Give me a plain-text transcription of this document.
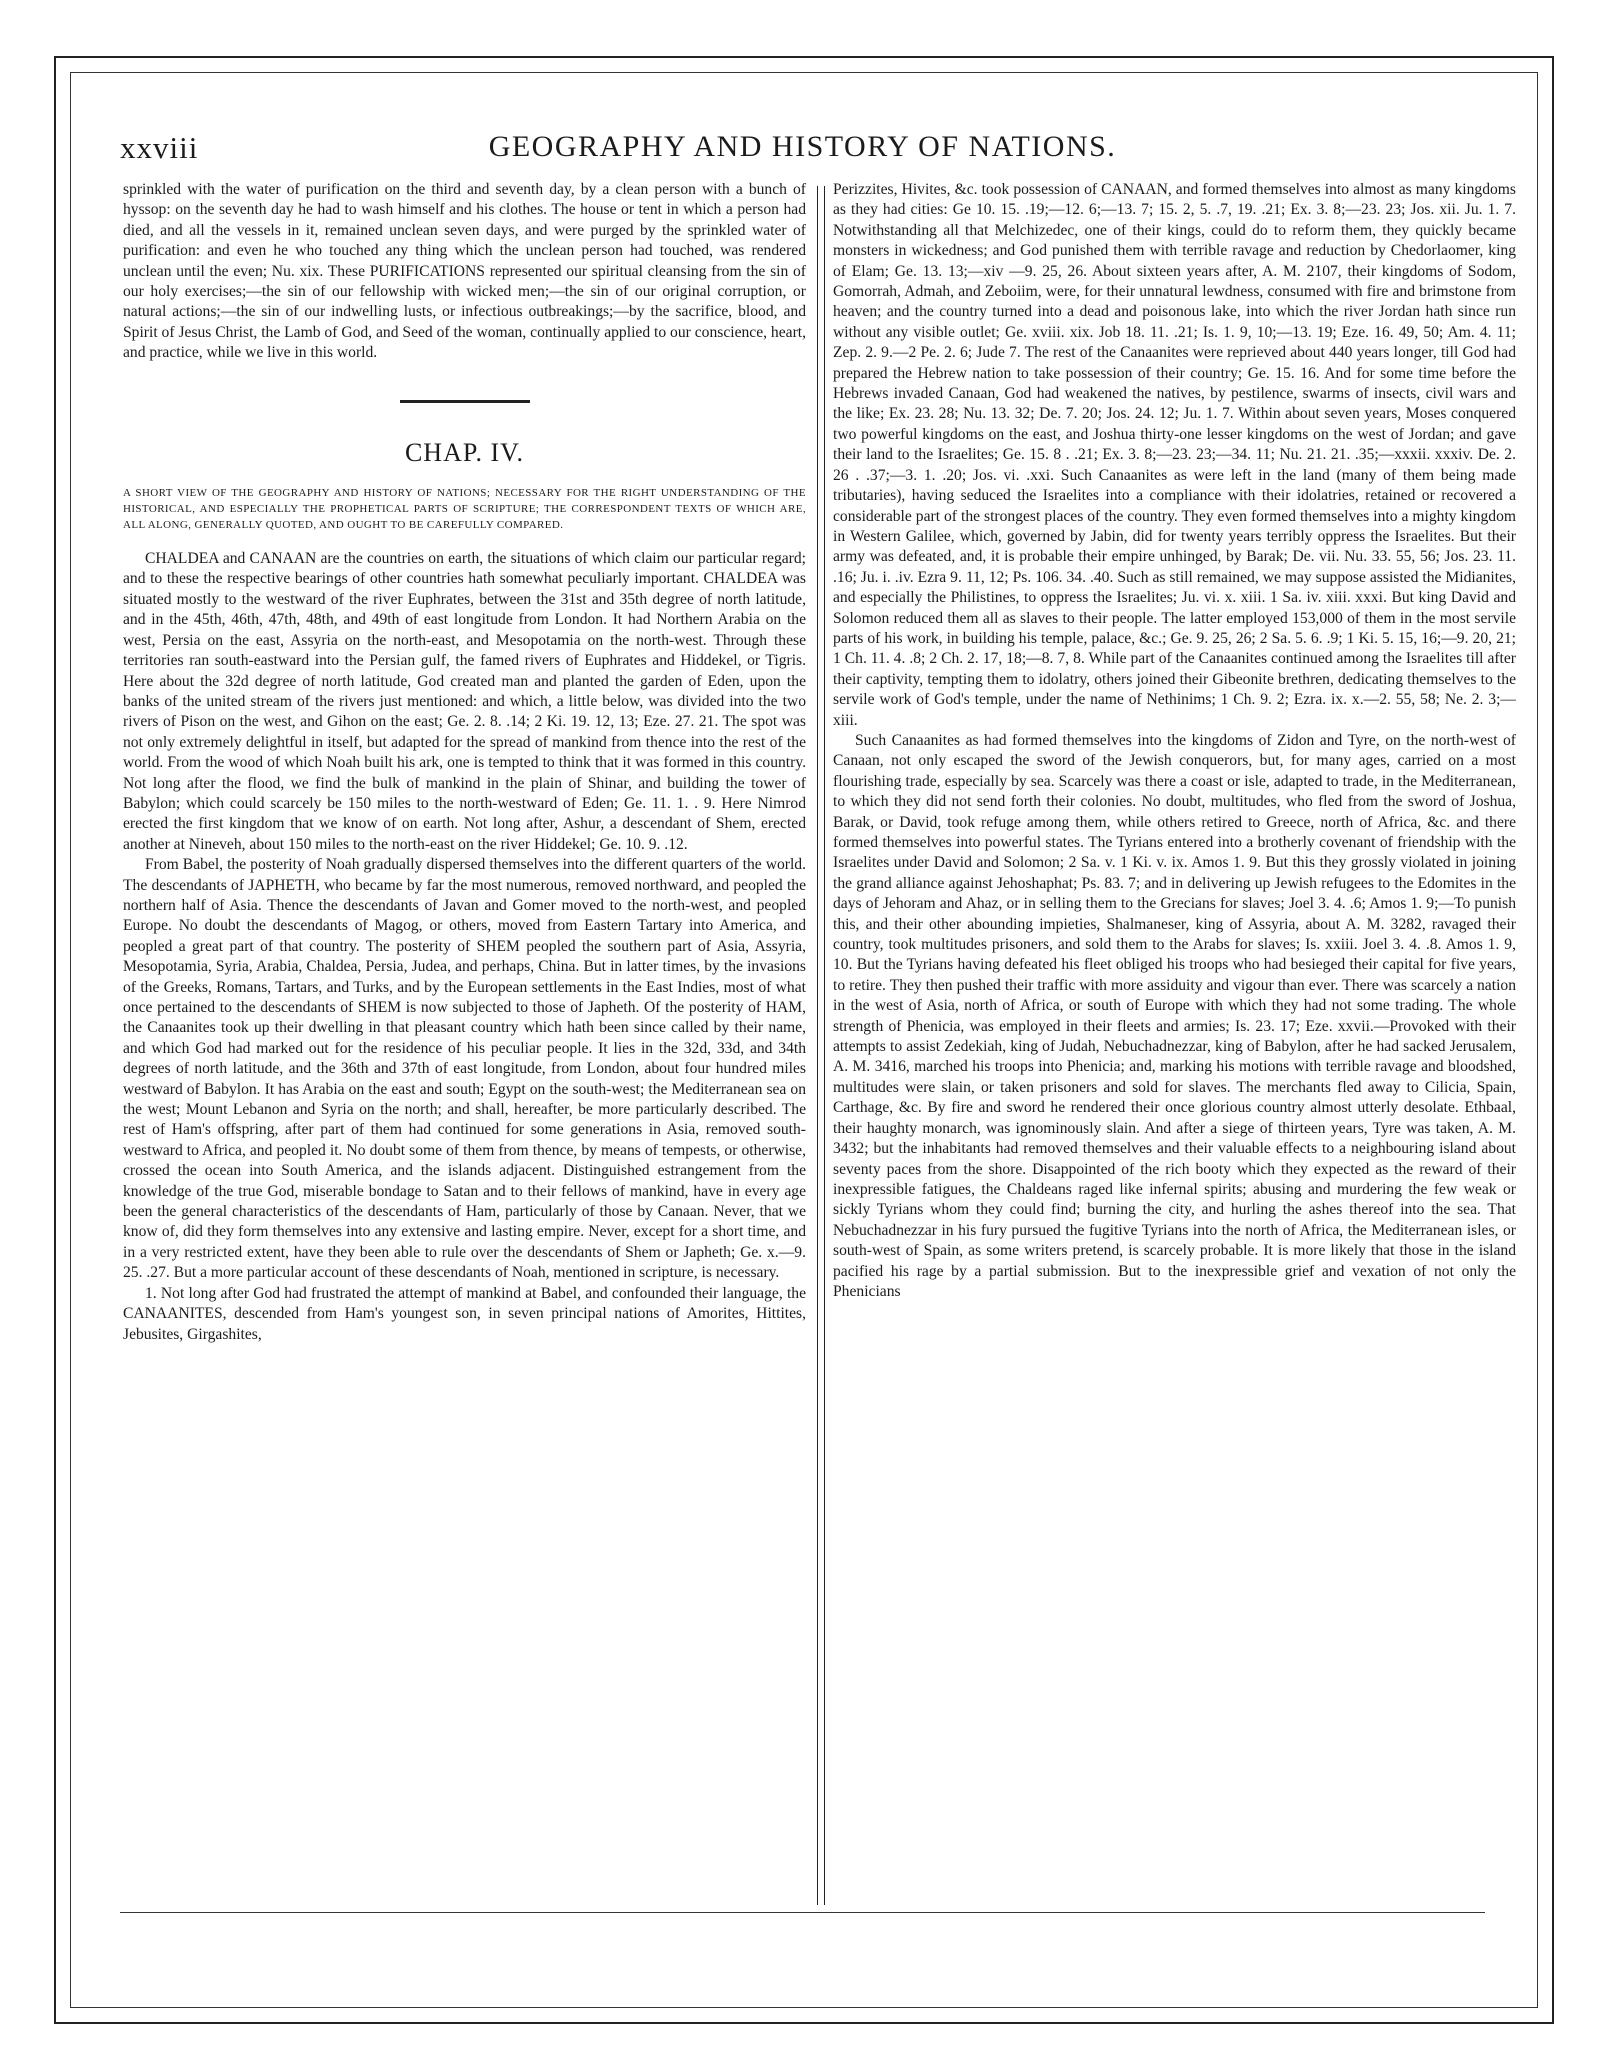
xxviii	GEOGRAPHY AND HISTORY OF NATIONS.

sprinkled with the water of purification on the third and seventh day, by a clean person with a bunch of hyssop: on the seventh day he had to wash himself and his clothes. The house or tent in which a person had died, and all the vessels in it, remained unclean seven days, and were purged by the sprinkled water of purification: and even he who touched any thing which the unclean person had touched, was rendered unclean until the even; Nu. xix. These PURIFICATIONS represented our spiritual cleansing from the sin of our holy exercises;—the sin of our fellowship with wicked men;—the sin of our original corruption, or natural actions;—the sin of our indwelling lusts, or infectious outbreakings;—by the sacrifice, blood, and Spirit of Jesus Christ, the Lamb of God, and Seed of the woman, continually applied to our conscience, heart, and practice, while we live in this world.

CHAP. IV.

A SHORT VIEW OF THE GEOGRAPHY AND HISTORY OF NATIONS; NECESSARY FOR THE RIGHT UNDERSTANDING OF THE HISTORICAL, AND ESPECIALLY THE PROPHETICAL PARTS OF SCRIPTURE; THE CORRESPONDENT TEXTS OF WHICH ARE, ALL ALONG, GENERALLY QUOTED, AND OUGHT TO BE CAREFULLY COMPARED.

CHALDEA and CANAAN are the countries on earth, the situations of which claim our particular regard; and to these the respective bearings of other countries hath somewhat peculiarly important. CHALDEA was situated mostly to the westward of the river Euphrates, between the 31st and 35th degree of north latitude, and in the 45th, 46th, 47th, 48th, and 49th of east longitude from London. It had Northern Arabia on the west, Persia on the east, Assyria on the north-east, and Mesopotamia on the north-west. Through these territories ran south-eastward into the Persian gulf, the famed rivers of Euphrates and Hiddekel, or Tigris. Here about the 32d degree of north latitude, God created man and planted the garden of Eden, upon the banks of the united stream of the rivers just mentioned: and which, a little below, was divided into the two rivers of Pison on the west, and Gihon on the east; Ge. 2. 8. .14; 2 Ki. 19. 12, 13; Eze. 27. 21. The spot was not only extremely delightful in itself, but adapted for the spread of mankind from thence into the rest of the world. From the wood of which Noah built his ark, one is tempted to think that it was formed in this country. Not long after the flood, we find the bulk of mankind in the plain of Shinar, and building the tower of Babylon; which could scarcely be 150 miles to the north-westward of Eden; Ge. 11. 1. . 9. Here Nimrod erected the first kingdom that we know of on earth. Not long after, Ashur, a descendant of Shem, erected another at Nineveh, about 150 miles to the north-east on the river Hiddekel; Ge. 10. 9. .12.

From Babel, the posterity of Noah gradually dispersed themselves into the different quarters of the world. The descendants of JAPHETH, who became by far the most numerous, removed northward, and peopled the northern half of Asia. Thence the descendants of Javan and Gomer moved to the north-west, and peopled Europe. No doubt the descendants of Magog, or others, moved from Eastern Tartary into America, and peopled a great part of that country. The posterity of SHEM peopled the southern part of Asia, Assyria, Mesopotamia, Syria, Arabia, Chaldea, Persia, Judea, and perhaps, China. But in latter times, by the invasions of the Greeks, Romans, Tartars, and Turks, and by the European settlements in the East Indies, most of what once pertained to the descendants of SHEM is now subjected to those of Japheth. Of the posterity of HAM, the Canaanites took up their dwelling in that pleasant country which hath been since called by their name, and which God had marked out for the residence of his peculiar people. It lies in the 32d, 33d, and 34th degrees of north latitude, and the 36th and 37th of east longitude, from London, about four hundred miles westward of Babylon. It has Arabia on the east and south; Egypt on the south-west; the Mediterranean sea on the west; Mount Lebanon and Syria on the north; and shall, hereafter, be more particularly described. The rest of Ham's offspring, after part of them had continued for some generations in Asia, removed south-westward to Africa, and peopled it. No doubt some of them from thence, by means of tempests, or otherwise, crossed the ocean into South America, and the islands adjacent. Distinguished estrangement from the knowledge of the true God, miserable bondage to Satan and to their fellows of mankind, have in every age been the general characteristics of the descendants of Ham, particularly of those by Canaan. Never, that we know of, did they form themselves into any extensive and lasting empire. Never, except for a short time, and in a very restricted extent, have they been able to rule over the descendants of Shem or Japheth; Ge. x.—9. 25. .27. But a more particular account of these descendants of Noah, mentioned in scripture, is necessary.

1. Not long after God had frustrated the attempt of mankind at Babel, and confounded their language, the CANAANITES, descended from Ham's youngest son, in seven principal nations of Amorites, Hittites, Jebusites, Girgashites,

Perizzites, Hivites, &c. took possession of CANAAN, and formed themselves into almost as many kingdoms as they had cities: Ge 10. 15. .19;—12. 6;—13. 7; 15. 2, 5. .7, 19. .21; Ex. 3. 8;—23. 23; Jos. xii. Ju. 1. 7. Notwithstanding all that Melchizedec, one of their kings, could do to reform them, they quickly became monsters in wickedness; and God punished them with terrible ravage and reduction by Chedorlaomer, king of Elam; Ge. 13. 13;—xiv —9. 25, 26. About sixteen years after, A. M. 2107, their kingdoms of Sodom, Gomorrah, Admah, and Zeboiim, were, for their unnatural lewdness, consumed with fire and brimstone from heaven; and the country turned into a dead and poisonous lake, into which the river Jordan hath since run without any visible outlet; Ge. xviii. xix. Job 18. 11. .21; Is. 1. 9, 10;—13. 19; Eze. 16. 49, 50; Am. 4. 11; Zep. 2. 9.—2 Pe. 2. 6; Jude 7. The rest of the Canaanites were reprieved about 440 years longer, till God had prepared the Hebrew nation to take possession of their country; Ge. 15. 16. And for some time before the Hebrews invaded Canaan, God had weakened the natives, by pestilence, swarms of insects, civil wars and the like; Ex. 23. 28; Nu. 13. 32; De. 7. 20; Jos. 24. 12; Ju. 1. 7. Within about seven years, Moses conquered two powerful kingdoms on the east, and Joshua thirty-one lesser kingdoms on the west of Jordan; and gave their land to the Israelites; Ge. 15. 8 . .21; Ex. 3. 8;—23. 23;—34. 11; Nu. 21. 21. .35;—xxxii. xxxiv. De. 2. 26 . .37;—3. 1. .20; Jos. vi. .xxi. Such Canaanites as were left in the land (many of them being made tributaries), having seduced the Israelites into a compliance with their idolatries, retained or recovered a considerable part of the strongest places of the country. They even formed themselves into a mighty kingdom in Western Galilee, which, governed by Jabin, did for twenty years terribly oppress the Israelites. But their army was defeated, and, it is probable their empire unhinged, by Barak; De. vii. Nu. 33. 55, 56; Jos. 23. 11. .16; Ju. i. .iv. Ezra 9. 11, 12; Ps. 106. 34. .40. Such as still remained, we may suppose assisted the Midianites, and especially the Philistines, to oppress the Israelites; Ju. vi. x. xiii. 1 Sa. iv. xiii. xxxi. But king David and Solomon reduced them all as slaves to their people. The latter employed 153,000 of them in the most servile parts of his work, in building his temple, palace, &c.; Ge. 9. 25, 26; 2 Sa. 5. 6. .9; 1 Ki. 5. 15, 16;—9. 20, 21; 1 Ch. 11. 4. .8; 2 Ch. 2. 17, 18;—8. 7, 8. While part of the Canaanites continued among the Israelites till after their captivity, tempting them to idolatry, others joined their Gibeonite brethren, dedicating themselves to the servile work of God's temple, under the name of Nethinims; 1 Ch. 9. 2; Ezra. ix. x.—2. 55, 58; Ne. 2. 3;—xiii.

Such Canaanites as had formed themselves into the kingdoms of Zidon and Tyre, on the north-west of Canaan, not only escaped the sword of the Jewish conquerors, but, for many ages, carried on a most flourishing trade, especially by sea. Scarcely was there a coast or isle, adapted to trade, in the Mediterranean, to which they did not send forth their colonies. No doubt, multitudes, who fled from the sword of Joshua, Barak, or David, took refuge among them, while others retired to Greece, north of Africa, &c. and there formed themselves into powerful states. The Tyrians entered into a brotherly covenant of friendship with the Israelites under David and Solomon; 2 Sa. v. 1 Ki. v. ix. Amos 1. 9. But this they grossly violated in joining the grand alliance against Jehoshaphat; Ps. 83. 7; and in delivering up Jewish refugees to the Edomites in the days of Jehoram and Ahaz, or in selling them to the Grecians for slaves; Joel 3. 4. .6; Amos 1. 9;—To punish this, and their other abounding impieties, Shalmaneser, king of Assyria, about A. M. 3282, ravaged their country, took multitudes prisoners, and sold them to the Arabs for slaves; Is. xxiii. Joel 3. 4. .8. Amos 1. 9, 10. But the Tyrians having defeated his fleet obliged his troops who had besieged their capital for five years, to retire. They then pushed their traffic with more assiduity and vigour than ever. There was scarcely a nation in the west of Asia, north of Africa, or south of Europe with which they had not some trading. The whole strength of Phenicia, was employed in their fleets and armies; Is. 23. 17; Eze. xxvii.—Provoked with their attempts to assist Zedekiah, king of Judah, Nebuchadnezzar, king of Babylon, after he had sacked Jerusalem, A. M. 3416, marched his troops into Phenicia; and, marking his motions with terrible ravage and bloodshed, multitudes were slain, or taken prisoners and sold for slaves. The merchants fled away to Cilicia, Spain, Carthage, &c. By fire and sword he rendered their once glorious country almost utterly desolate. Ethbaal, their haughty monarch, was ignominously slain. And after a siege of thirteen years, Tyre was taken, A. M. 3432; but the inhabitants had removed themselves and their valuable effects to a neighbouring island about seventy paces from the shore. Disappointed of the rich booty which they expected as the reward of their inexpressible fatigues, the Chaldeans raged like infernal spirits; abusing and murdering the few weak or sickly Tyrians whom they could find; burning the city, and hurling the ashes thereof into the sea. That Nebuchadnezzar in his fury pursued the fugitive Tyrians into the north of Africa, the Mediterranean isles, or south-west of Spain, as some writers pretend, is scarcely probable. It is more likely that those in the island pacified his rage by a partial submission. But to the inexpressible grief and vexation of not only the Phenicians
